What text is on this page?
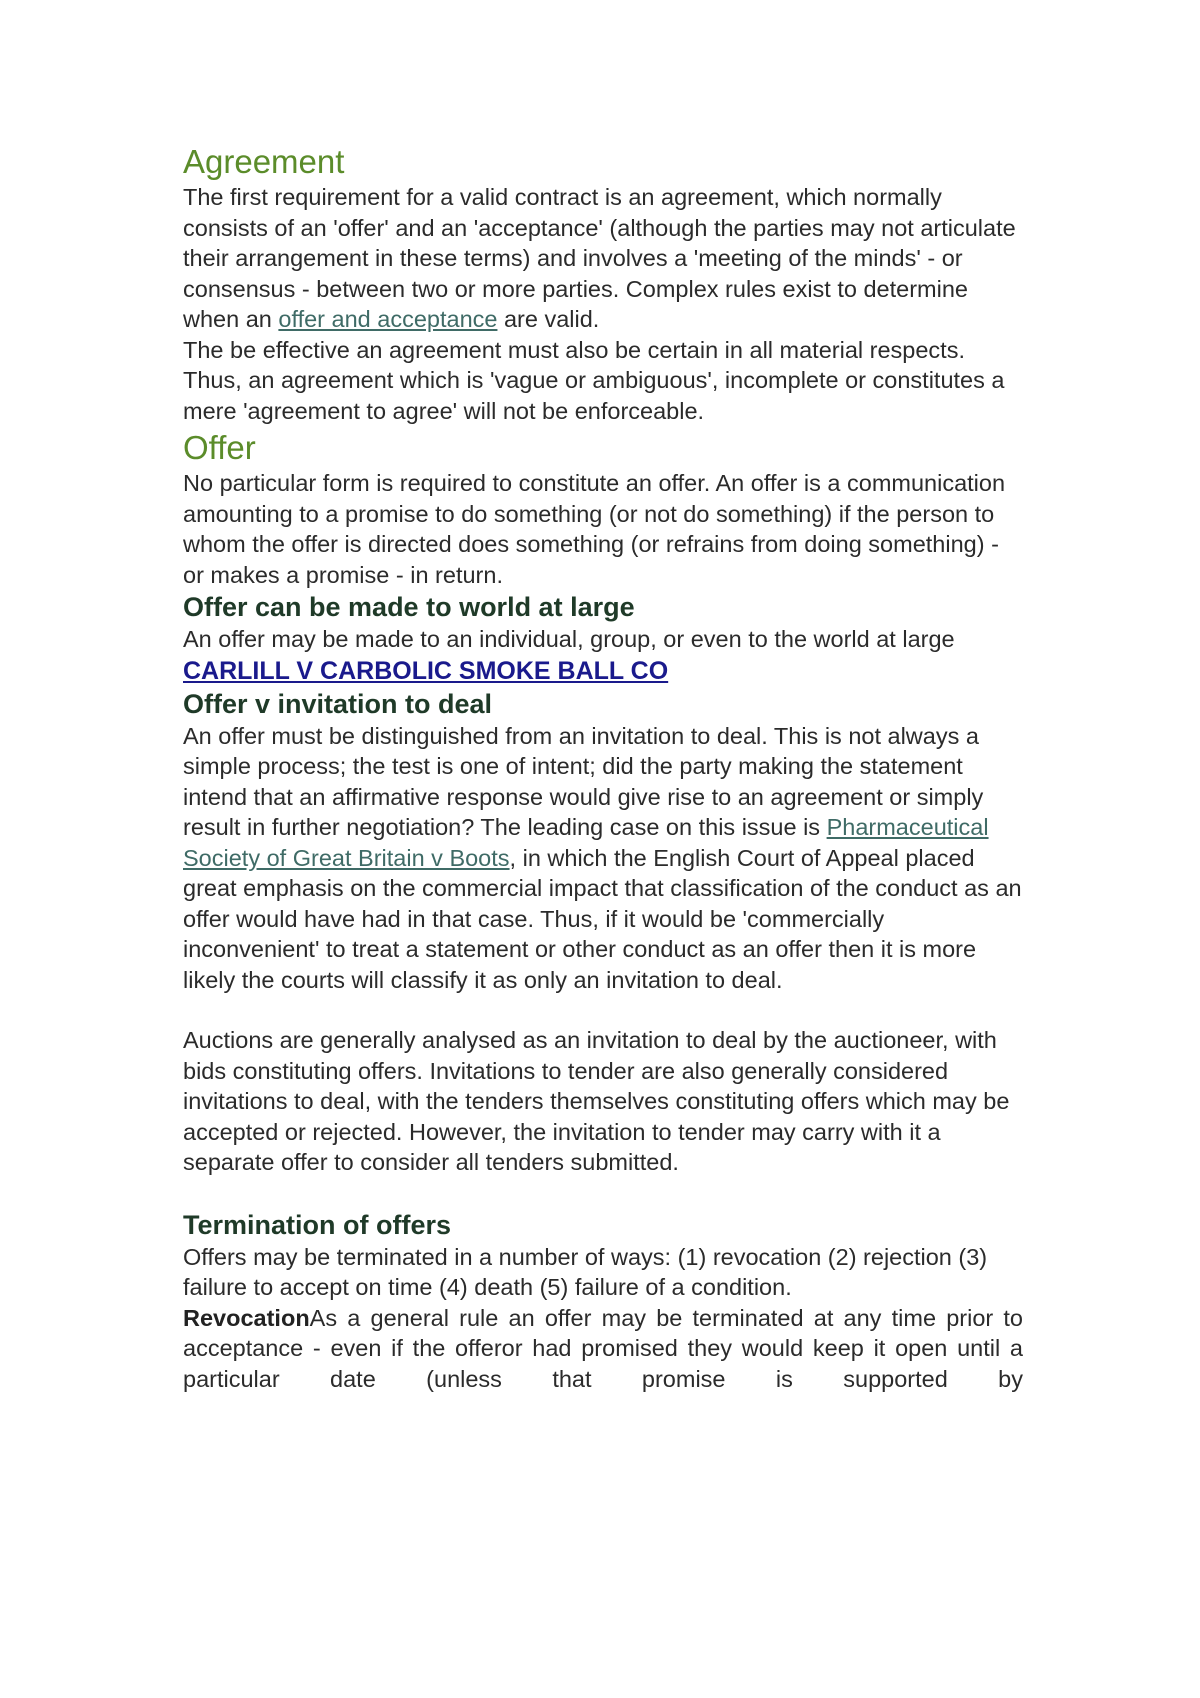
Agreement

The first requirement for a valid contract is an agreement, which normally consists of an 'offer' and an 'acceptance' (although the parties may not articulate their arrangement in these terms) and involves a 'meeting of the minds' - or consensus - between two or more parties. Complex rules exist to determine when an offer and acceptance are valid.

The be effective an agreement must also be certain in all material respects. Thus, an agreement which is 'vague or ambiguous', incomplete or constitutes a mere 'agreement to agree' will not be enforceable.

Offer

No particular form is required to constitute an offer. An offer is a communication amounting to a promise to do something (or not do something) if the person to whom the offer is directed does something (or refrains from doing something) - or makes a promise - in return.

Offer can be made to world at large

An offer may be made to an individual, group, or even to the world at large

CARLILL V CARBOLIC SMOKE BALL CO
Offer v invitation to deal

An offer must be distinguished from an invitation to deal. This is not always a simple process; the test is one of intent; did the party making the statement intend that an affirmative response would give rise to an agreement or simply result in further negotiation? The leading case on this issue is Pharmaceutical Society of Great Britain v Boots, in which the English Court of Appeal placed great emphasis on the commercial impact that classification of the conduct as an offer would have had in that case. Thus, if it would be 'commercially inconvenient' to treat a statement or other conduct as an offer then it is more likely the courts will classify it as only an invitation to deal.

Auctions are generally analysed as an invitation to deal by the auctioneer, with bids constituting offers. Invitations to tender are also generally considered invitations to deal, with the tenders themselves constituting offers which may be accepted or rejected. However, the invitation to tender may carry with it a separate offer to consider all tenders submitted.

Termination of offers

Offers may be terminated in a number of ways: (1) revocation (2) rejection (3) failure to accept on time (4) death (5) failure of a condition.

RevocationAs a general rule an offer may be terminated at any time prior to acceptance - even if the offeror had promised they would keep it open until a particular date (unless that promise is supported by
